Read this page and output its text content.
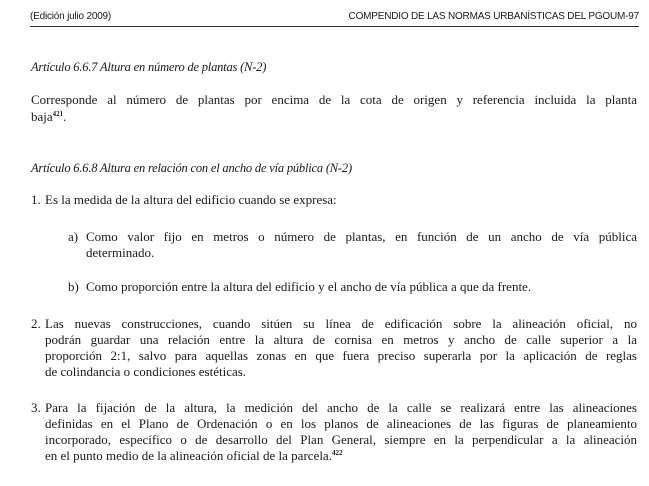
(Edición julio 2009)	COMPENDIO DE LAS NORMAS URBANÍSTICAS DEL PGOUM-97
Artículo 6.6.7 Altura en número de plantas (N-2)
Corresponde al número de plantas por encima de la cota de origen y referencia incluida la planta
baja$^{421}$.
Artículo 6.6.8 Altura en relación con el ancho de vía pública (N-2)
1. Es la medida de la altura del edificio cuando se expresa:
a) Como valor fijo en metros o número de plantas, en función de un ancho de vía pública
determinado.
b) Como proporción entre la altura del edificio y el ancho de vía pública a que da frente.
2. Las nuevas construcciones, cuando sitúen su línea de edificación sobre la alineación oficial, no
podrán guardar una relación entre la altura de cornisa en metros y ancho de calle superior a la
proporción 2:1, salvo para aquellas zonas en que fuera preciso superarla por la aplicación de reglas
de colindancia o condiciones estéticas.
3. Para la fijación de la altura, la medición del ancho de la calle se realizará entre las alineaciones
definidas en el Plano de Ordenación o en los planos de alineaciones de las figuras de planeamiento
incorporado, específico o de desarrollo del Plan General, siempre en la perpendicular a la alineación
en el punto medio de la alineación oficial de la parcela.$^{422}$
